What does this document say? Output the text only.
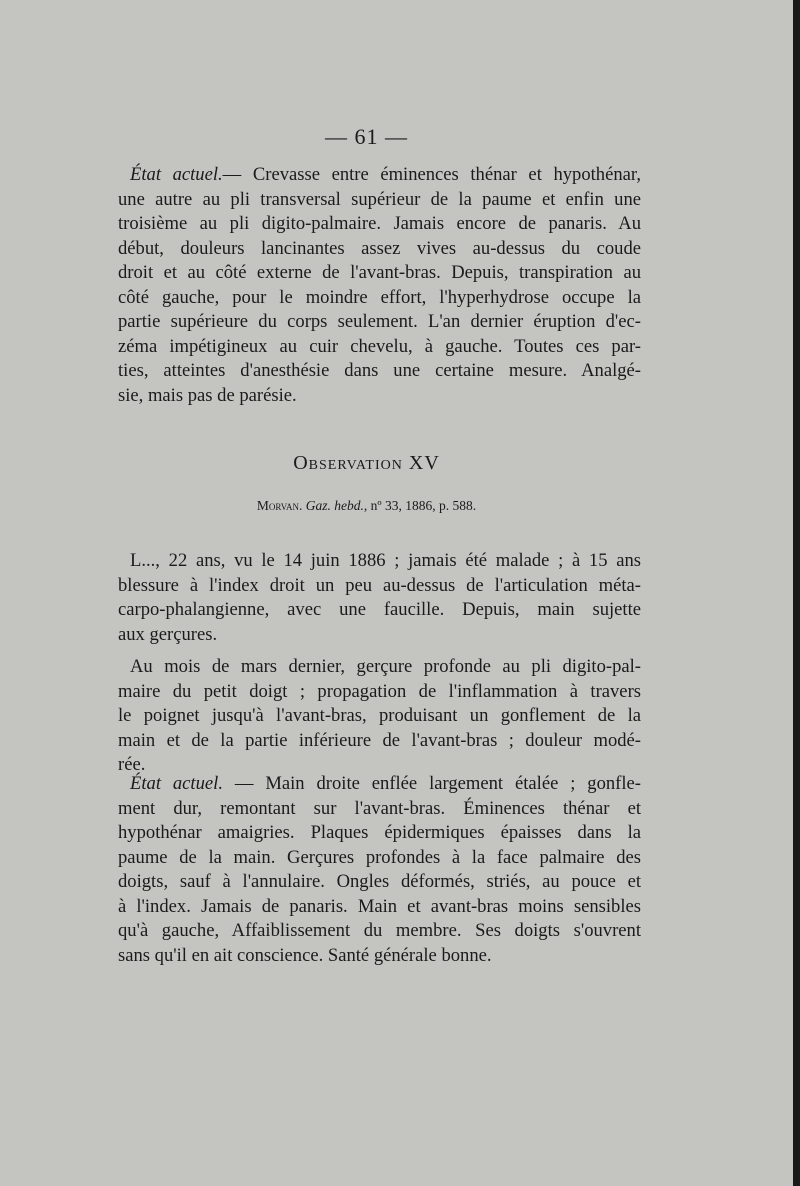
— 61 —
État actuel.— Crevasse entre éminences thénar et hypothénar,
une autre au pli transversal supérieur de la paume et enfin une
troisième au pli digito-palmaire. Jamais encore de panaris. Au
début, douleurs lancinantes assez vives au-dessus du coude
droit et au côté externe de l'avant-bras. Depuis, transpiration au
côté gauche, pour le moindre effort, l'hyperhydrose occupe la
partie supérieure du corps seulement. L'an dernier éruption d'ec-
zéma impétigineux au cuir chevelu, à gauche. Toutes ces par-
ties, atteintes d'anesthésie dans une certaine mesure. Analgé-
sie, mais pas de parésie.
Observation XV
Morvan. Gaz. hebd., nº 33, 1886, p. 588.
L..., 22 ans, vu le 14 juin 1886 ; jamais été malade ; à 15 ans
blessure à l'index droit un peu au-dessus de l'articulation méta-
carpo-phalangienne, avec une faucille. Depuis, main sujette
aux gerçures.
Au mois de mars dernier, gerçure profonde au pli digito-pal-
maire du petit doigt ; propagation de l'inflammation à travers
le poignet jusqu'à l'avant-bras, produisant un gonflement de la
main et de la partie inférieure de l'avant-bras ; douleur modé-
rée.
État actuel. — Main droite enflée largement étalée ; gonfle-
ment dur, remontant sur l'avant-bras. Éminences thénar et
hypothénar amaigries. Plaques épidermiques épaisses dans la
paume de la main. Gerçures profondes à la face palmaire des
doigts, sauf à l'annulaire. Ongles déformés, striés, au pouce et
à l'index. Jamais de panaris. Main et avant-bras moins sensibles
qu'à gauche, Affaiblissement du membre. Ses doigts s'ouvrent
sans qu'il en ait conscience. Santé générale bonne.
